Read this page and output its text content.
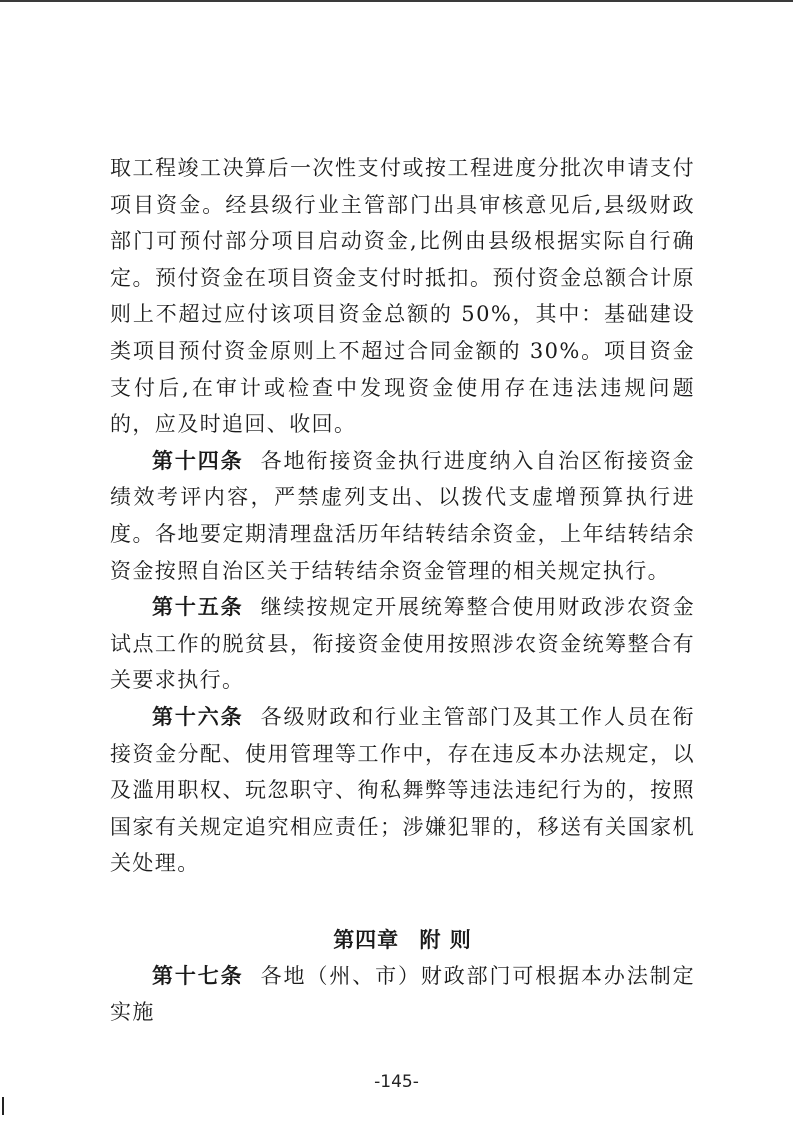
取工程竣工决算后一次性支付或按工程进度分批次申请支付项目资金。经县级行业主管部门出具审核意见后,县级财政部门可预付部分项目启动资金,比例由县级根据实际自行确定。预付资金在项目资金支付时抵扣。预付资金总额合计原则上不超过应付该项目资金总额的 50%，其中：基础建设类项目预付资金原则上不超过合同金额的 30%。项目资金支付后,在审计或检查中发现资金使用存在违法违规问题的，应及时追回、收回。

第十四条 各地衔接资金执行进度纳入自治区衔接资金绩效考评内容，严禁虚列支出、以拨代支虚增预算执行进度。各地要定期清理盘活历年结转结余资金，上年结转结余资金按照自治区关于结转结余资金管理的相关规定执行。

第十五条 继续按规定开展统筹整合使用财政涉农资金试点工作的脱贫县，衔接资金使用按照涉农资金统筹整合有关要求执行。

第十六条 各级财政和行业主管部门及其工作人员在衔接资金分配、使用管理等工作中，存在违反本办法规定，以及滥用职权、玩忽职守、徇私舞弊等违法违纪行为的，按照国家有关规定追究相应责任；涉嫌犯罪的，移送有关国家机关处理。

第四章 附 则

第十七条 各地（州、市）财政部门可根据本办法制定实施

-145-
